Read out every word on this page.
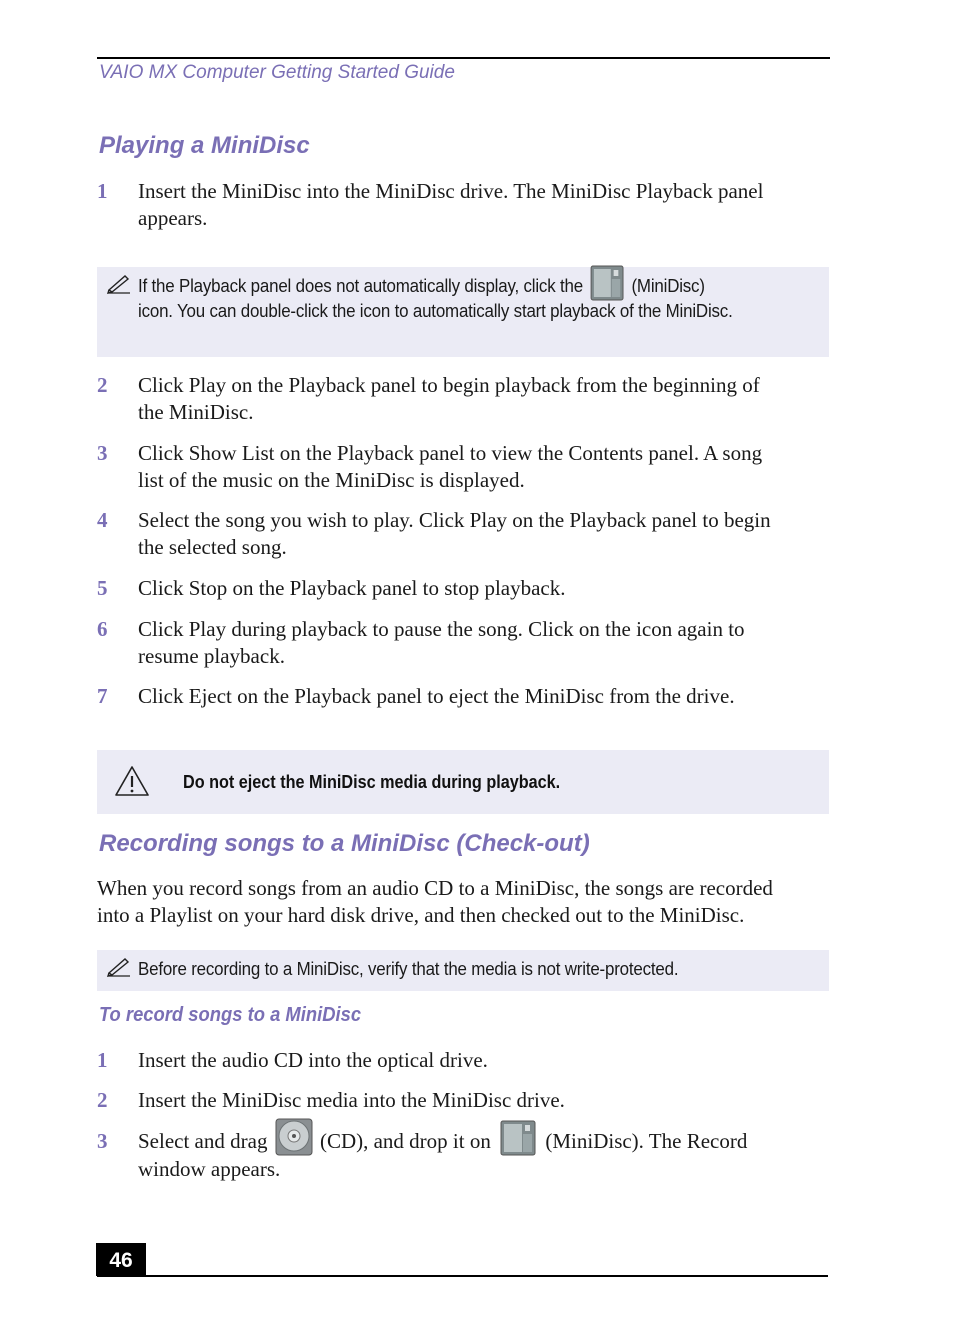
VAIO MX Computer Getting Started Guide
Playing a MiniDisc
1	Insert the MiniDisc into the MiniDisc drive. The MiniDisc Playback panel appears.
If the Playback panel does not automatically display, click the	(MiniDisc)
icon. You can double-click the icon to automatically start playback of the MiniDisc.
2	Click Play on the Playback panel to begin playback from the beginning of
the MiniDisc.
3	Click Show List on the Playback panel to view the Contents panel. A song
list of the music on the MiniDisc is displayed.
4	Select the song you wish to play. Click Play on the Playback panel to begin
the selected song.
5	Click Stop on the Playback panel to stop playback.
6	Click Play during playback to pause the song. Click on the icon again to
resume playback.
7	Click Eject on the Playback panel to eject the MiniDisc from the drive.
Do not eject the MiniDisc media during playback.
Recording songs to a MiniDisc (Check-out)
When you record songs from an audio CD to a MiniDisc, the songs are recorded
into a Playlist on your hard disk drive, and then checked out to the MiniDisc.
Before recording to a MiniDisc, verify that the media is not write-protected.
To record songs to a MiniDisc
1	Insert the audio CD into the optical drive.
2	Insert the MiniDisc media into the MiniDisc drive.
3	Select and drag	(CD), and drop it on	(MiniDisc). The Record
window appears.
46
